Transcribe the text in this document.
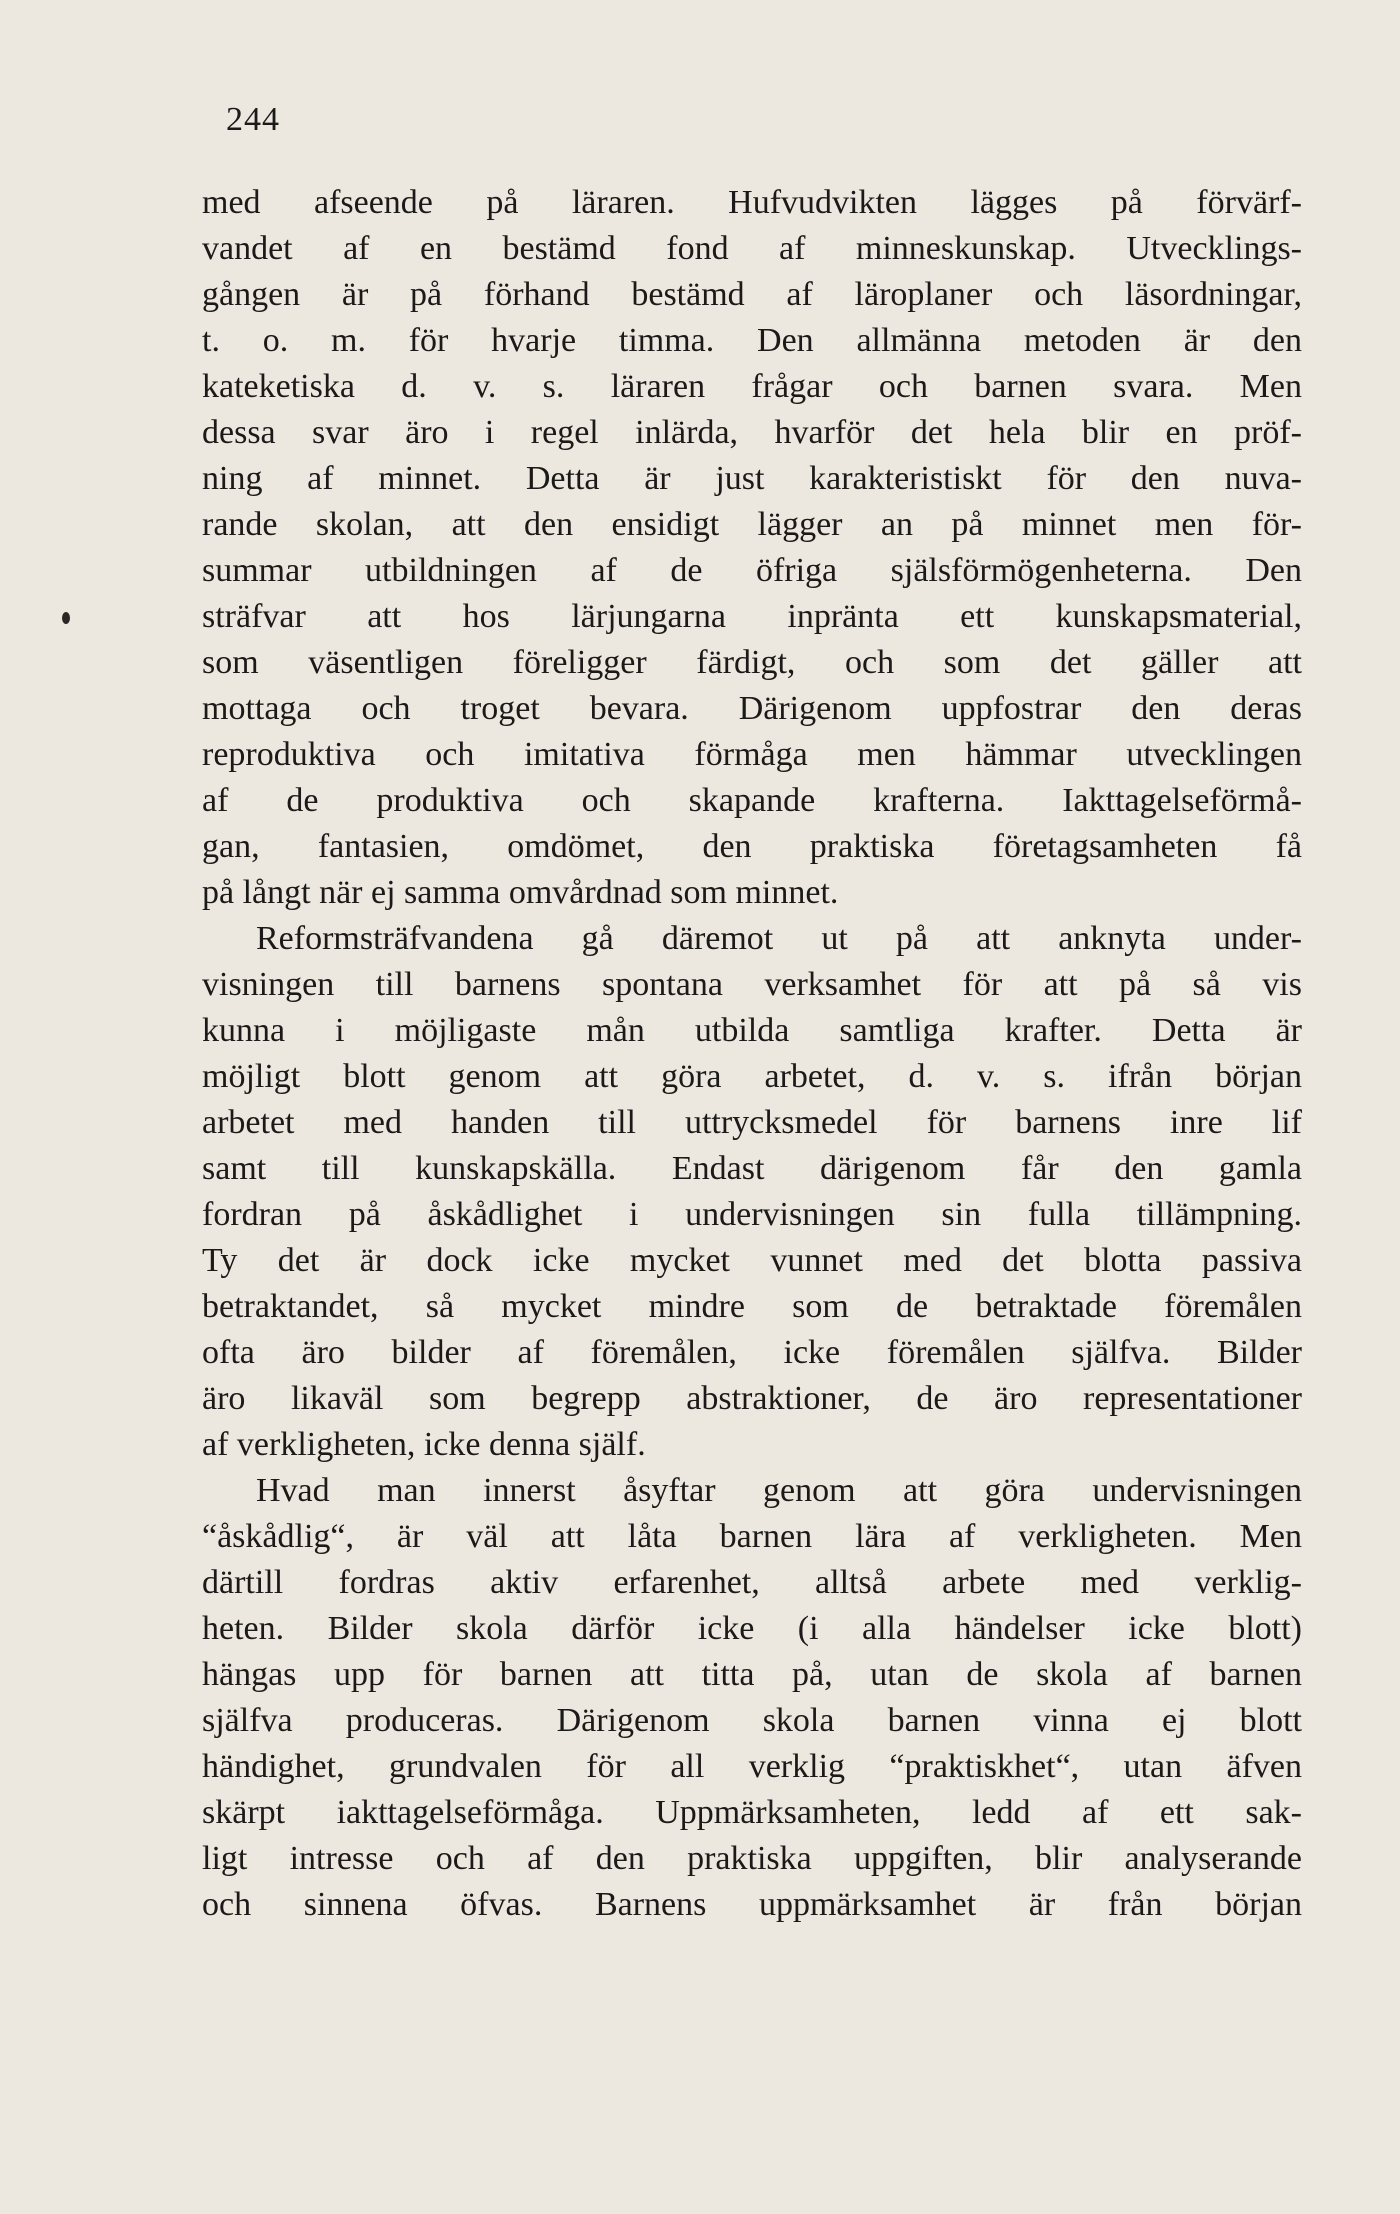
244
med afseende på läraren. Hufvudvikten lägges på förvärf-
vandet af en bestämd fond af minneskunskap. Utvecklings-
gången är på förhand bestämd af läroplaner och läsordningar,
t. o. m. för hvarje timma. Den allmänna metoden är den
kateketiska d. v. s. läraren frågar och barnen svara. Men
dessa svar äro i regel inlärda, hvarför det hela blir en pröf-
ning af minnet. Detta är just karakteristiskt för den nuva-
rande skolan, att den ensidigt lägger an på minnet men för-
summar utbildningen af de öfriga själsförmögenheterna. Den
sträfvar att hos lärjungarna inpränta ett kunskapsmaterial,
som väsentligen föreligger färdigt, och som det gäller att
mottaga och troget bevara. Därigenom uppfostrar den deras
reproduktiva och imitativa förmåga men hämmar utvecklingen
af de produktiva och skapande krafterna. Iakttagelseförmå-
gan, fantasien, omdömet, den praktiska företagsamheten få
på långt när ej samma omvårdnad som minnet.
Reformsträfvandena gå däremot ut på att anknyta under-
visningen till barnens spontana verksamhet för att på så vis
kunna i möjligaste mån utbilda samtliga krafter. Detta är
möjligt blott genom att göra arbetet, d. v. s. ifrån början
arbetet med handen till uttrycksmedel för barnens inre lif
samt till kunskapskälla. Endast därigenom får den gamla
fordran på åskådlighet i undervisningen sin fulla tillämpning.
Ty det är dock icke mycket vunnet med det blotta passiva
betraktandet, så mycket mindre som de betraktade föremålen
ofta äro bilder af föremålen, icke föremålen själfva. Bilder
äro likaväl som begrepp abstraktioner, de äro representationer
af verkligheten, icke denna själf.
Hvad man innerst åsyftar genom att göra undervisningen
“åskådlig“, är väl att låta barnen lära af verkligheten. Men
därtill fordras aktiv erfarenhet, alltså arbete med verklig-
heten. Bilder skola därför icke (i alla händelser icke blott)
hängas upp för barnen att titta på, utan de skola af barnen
själfva produceras. Därigenom skola barnen vinna ej blott
händighet, grundvalen för all verklig “praktiskhet“, utan äfven
skärpt iakttagelseförmåga. Uppmärksamheten, ledd af ett sak-
ligt intresse och af den praktiska uppgiften, blir analyserande
och sinnena öfvas. Barnens uppmärksamhet är från början
